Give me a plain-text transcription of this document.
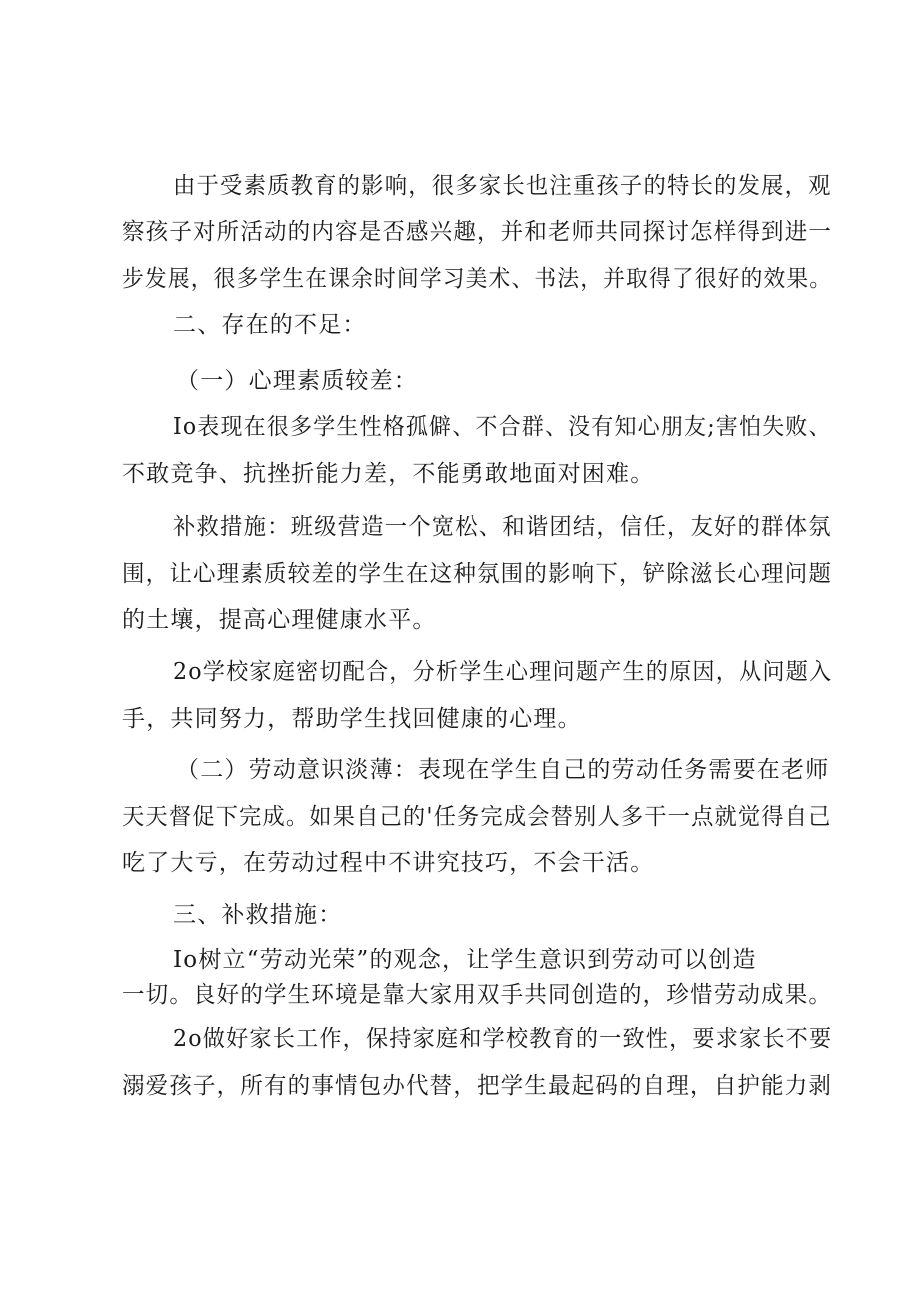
由于受素质教育的影响，很多家长也注重孩子的特长的发展，观
察孩子对所活动的内容是否感兴趣，并和老师共同探讨怎样得到进一
步发展，很多学生在课余时间学习美术、书法，并取得了很好的效果。
二、存在的不足：
（一）心理素质较差：
Io表现在很多学生性格孤僻、不合群、没有知心朋友;害怕失败、
不敢竞争、抗挫折能力差，不能勇敢地面对困难。
补救措施：班级营造一个宽松、和谐团结，信任，友好的群体氛
围，让心理素质较差的学生在这种氛围的影响下，铲除滋长心理问题
的土壤，提高心理健康水平。
2o学校家庭密切配合，分析学生心理问题产生的原因，从问题入
手，共同努力，帮助学生找回健康的心理。
（二）劳动意识淡薄：表现在学生自己的劳动任务需要在老师
天天督促下完成。如果自己的'任务完成会替别人多干一点就觉得自己
吃了大亏，在劳动过程中不讲究技巧，不会干活。
三、补救措施：
Io树立“劳动光荣”的观念，让学生意识到劳动可以创造
一切。良好的学生环境是靠大家用双手共同创造的，珍惜劳动成果。
2o做好家长工作，保持家庭和学校教育的一致性，要求家长不要
溺爱孩子，所有的事情包办代替，把学生最起码的自理，自护能力剥
